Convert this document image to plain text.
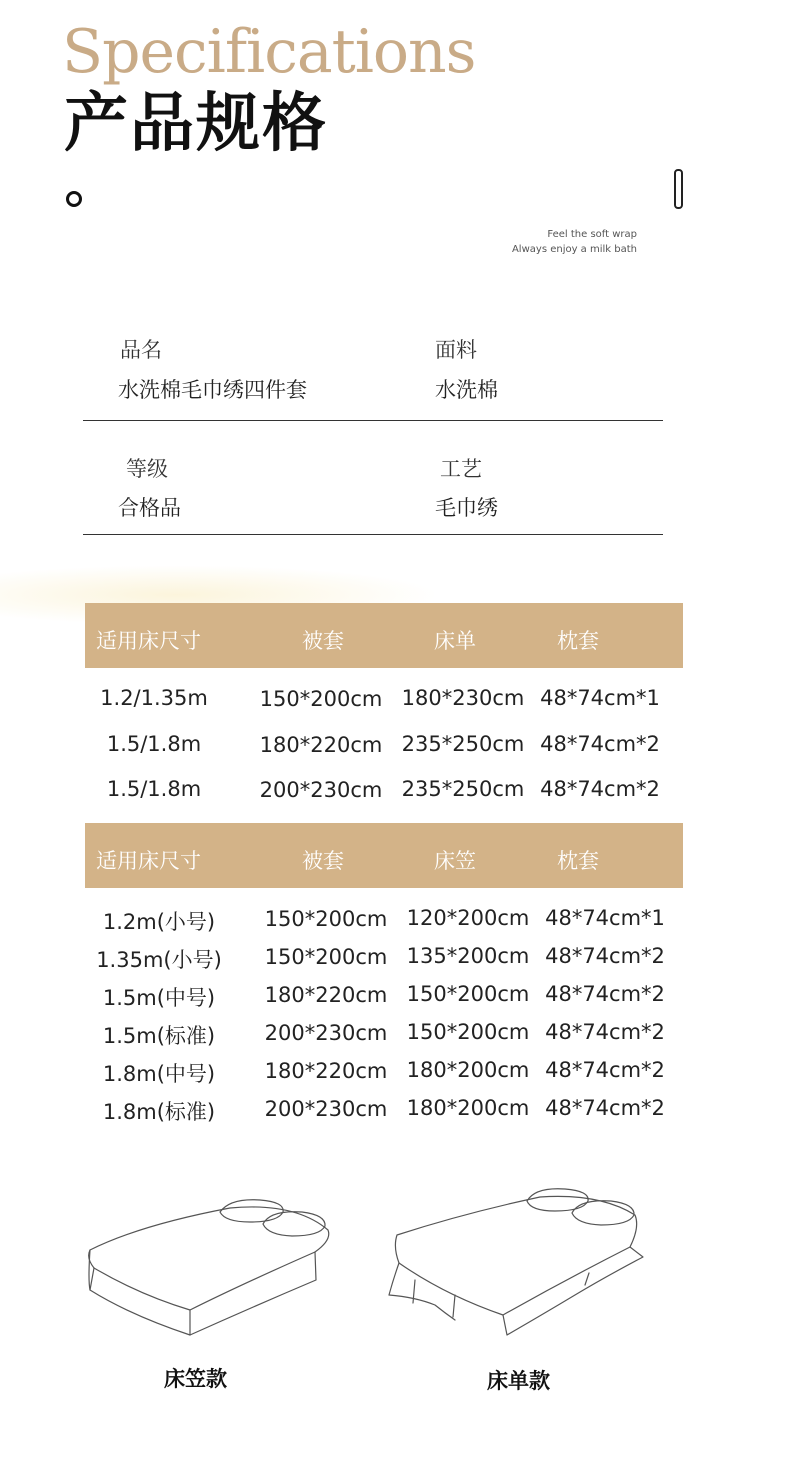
Specifications
产品规格
Feel the soft wrap
Always enjoy a milk bath
品名
水洗棉毛巾绣四件套
面料
水洗棉
等级
合格品
工艺
毛巾绣
适用床尺寸	被套	床单	枕套
1.2/1.35m 150*200cm 180*230cm 48*74cm*1
1.5/1.8m	180*220cm 235*250cm 48*74cm*2
1.5/1.8m	200*230cm 235*250cm 48*74cm*2
适用床尺寸	被套	床笠	枕套
1.2m(小号)	150*200cm 120*200cm 48*74cm*1
1.35m(小号) 150*200cm 135*200cm 48*74cm*2
1.5m(中号)	180*220cm 150*200cm 48*74cm*2
1.5m(标准)	200*230cm 150*200cm 48*74cm*2
1.8m(中号)	180*220cm 180*200cm 48*74cm*2
1.8m(标准)	200*230cm 180*200cm 48*74cm*2
床笠款	床单款
